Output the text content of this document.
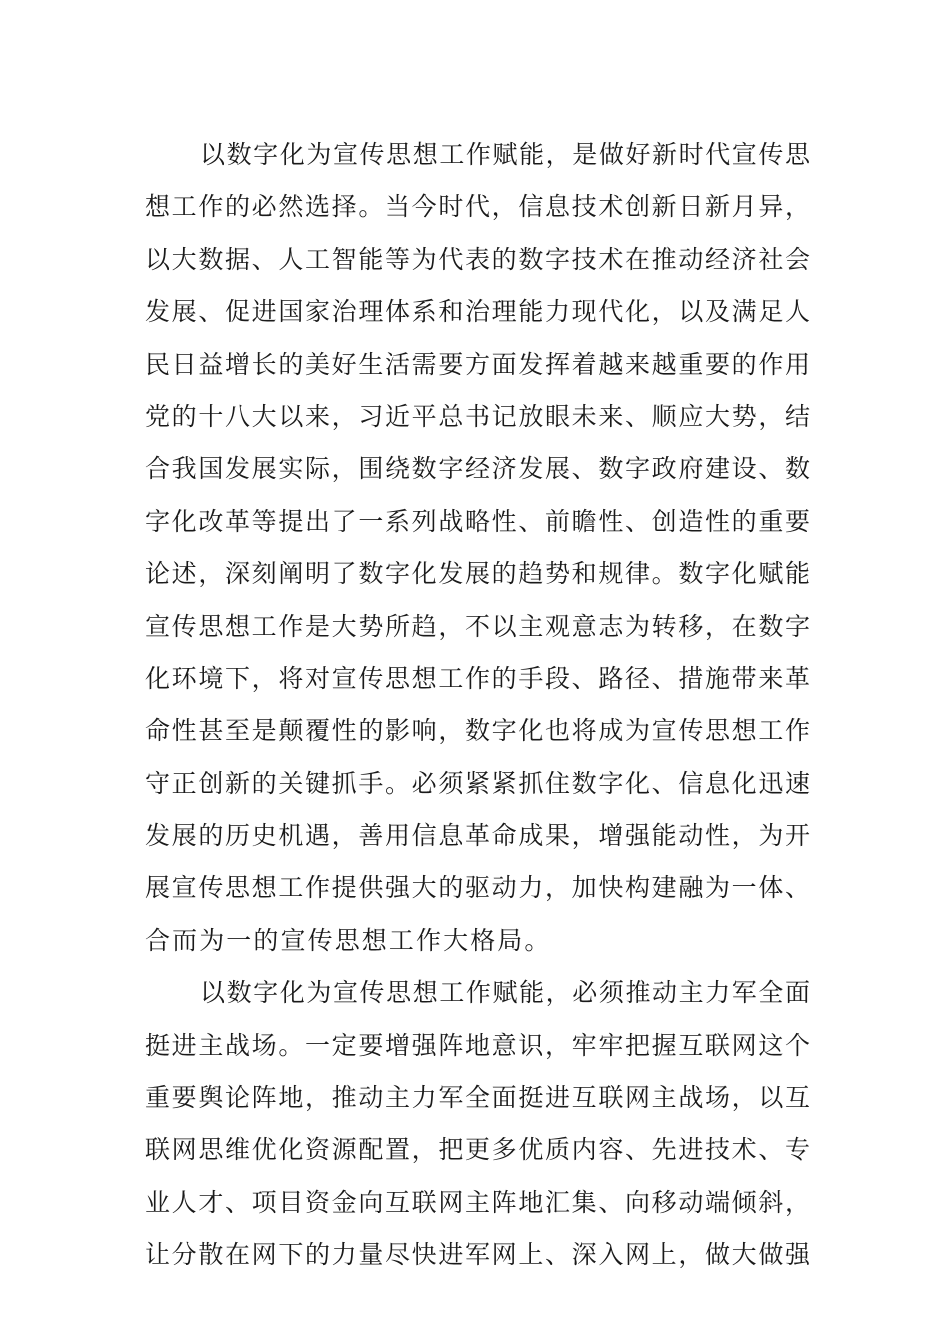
以数字化为宣传思想工作赋能，是做好新时代宣传思
想工作的必然选择。当今时代，信息技术创新日新月异，
以大数据、人工智能等为代表的数字技术在推动经济社会
发展、促进国家治理体系和治理能力现代化，以及满足人
民日益增长的美好生活需要方面发挥着越来越重要的作用
党的十八大以来，习近平总书记放眼未来、顺应大势，结
合我国发展实际，围绕数字经济发展、数字政府建设、数
字化改革等提出了一系列战略性、前瞻性、创造性的重要
论述，深刻阐明了数字化发展的趋势和规律。数字化赋能
宣传思想工作是大势所趋，不以主观意志为转移，在数字
化环境下，将对宣传思想工作的手段、路径、措施带来革
命性甚至是颠覆性的影响，数字化也将成为宣传思想工作
守正创新的关键抓手。必须紧紧抓住数字化、信息化迅速
发展的历史机遇，善用信息革命成果，增强能动性，为开
展宣传思想工作提供强大的驱动力，加快构建融为一体、
合而为一的宣传思想工作大格局。
以数字化为宣传思想工作赋能，必须推动主力军全面
挺进主战场。一定要增强阵地意识，牢牢把握互联网这个
重要舆论阵地，推动主力军全面挺进互联网主战场，以互
联网思维优化资源配置，把更多优质内容、先进技术、专
业人才、项目资金向互联网主阵地汇集、向移动端倾斜，
让分散在网下的力量尽快进军网上、深入网上，做大做强
